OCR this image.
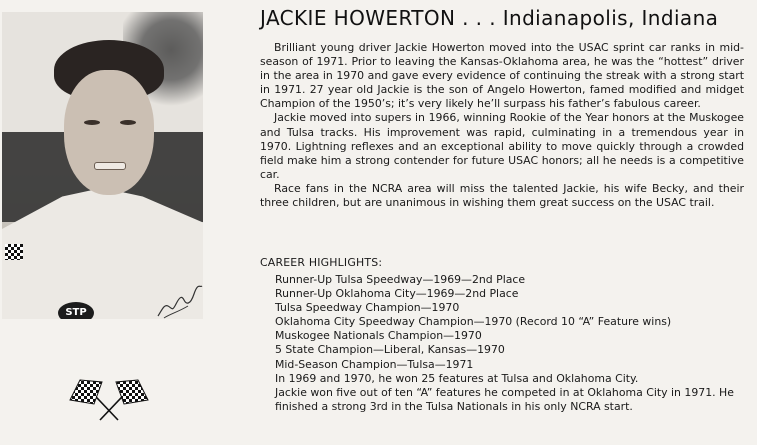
STP
JACKIE HOWERTON . . . Indianapolis, Indiana

Brilliant young driver Jackie Howerton moved into the USAC sprint car ranks in mid-season of 1971. Prior to leaving the Kansas-Oklahoma area, he was the “hottest” driver in the area in 1970 and gave every evidence of continuing the streak with a strong start in 1971. 27 year old Jackie is the son of Angelo Howerton, famed modified and midget Champion of the 1950’s; it’s very likely he’ll surpass his father’s fabulous career.

Jackie moved into supers in 1966, winning Rookie of the Year honors at the Muskogee and Tulsa tracks. His improvement was rapid, culminating in a tremendous year in 1970. Lightning reflexes and an exceptional ability to move quickly through a crowded field make him a strong contender for future USAC honors; all he needs is a competitive car.

Race fans in the NCRA area will miss the talented Jackie, his wife Becky, and their three children, but are unanimous in wishing them great success on the USAC trail.

CAREER HIGHLIGHTS:
Runner-Up Tulsa Speedway—1969—2nd Place
Runner-Up Oklahoma City—1969—2nd Place
Tulsa Speedway Champion—1970
Oklahoma City Speedway Champion—1970 (Record 10 “A” Feature wins)
Muskogee Nationals Champion—1970
5 State Champion—Liberal, Kansas—1970
Mid-Season Champion—Tulsa—1971
In 1969 and 1970, he won 25 features at Tulsa and Oklahoma City.
Jackie won five out of ten “A” features he competed in at Oklahoma City in 1971. He finished a strong 3rd in the Tulsa Nationals in his only NCRA start.
